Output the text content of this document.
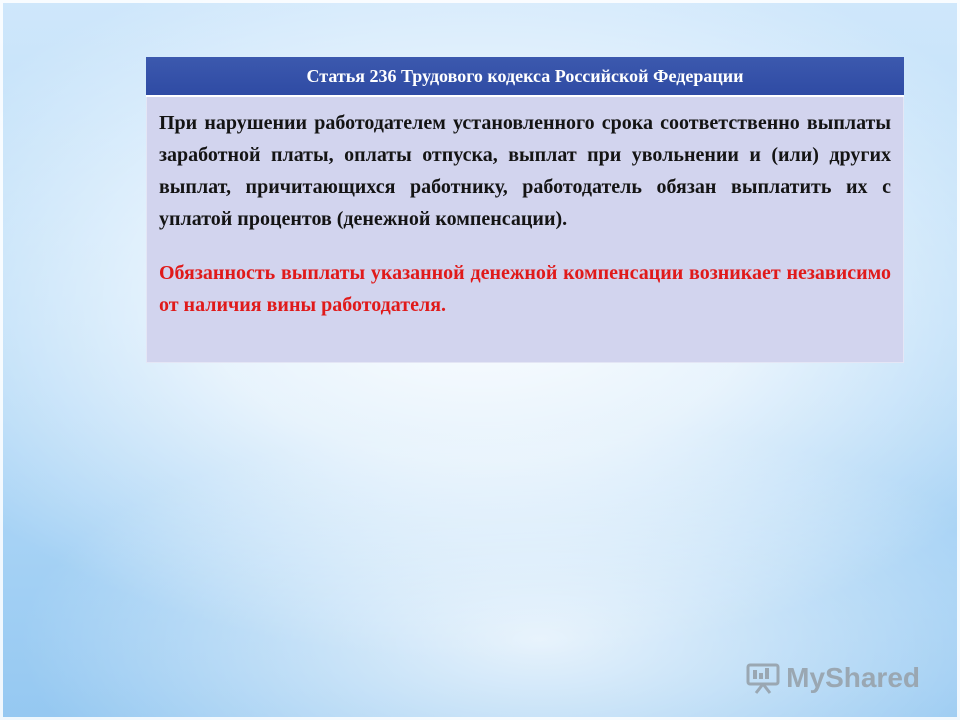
Статья 236 Трудового кодекса Российской Федерации

При нарушении работодателем установленного срока соответственно выплаты заработной платы, оплаты отпуска, выплат при увольнении и (или) других выплат, причитающихся работнику, работодатель обязан выплатить их с уплатой процентов (денежной компенсации).

Обязанность выплаты указанной денежной компенсации возникает независимо от наличия вины работодателя.

MyShared
